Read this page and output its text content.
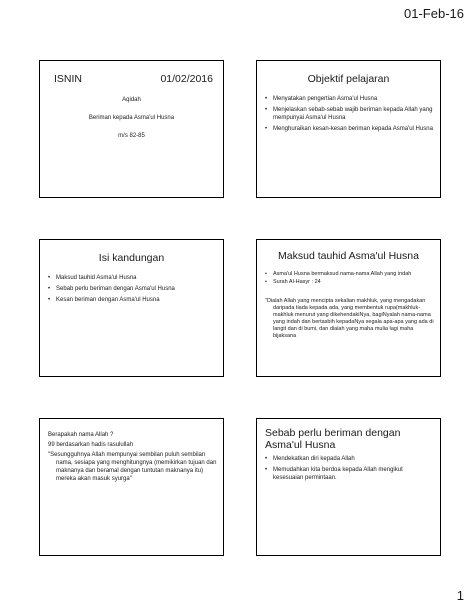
01-Feb-16
ISNIN	01/02/2016
Aqidah
Beriman kepada Asma'ul Husna
m/s 82-85
Objektif pelajaran
• Menyatakan pengertian Asma'ul Husna
• Menjelaskan sebab-sebab wajib beriman kepada Allah yang mempunyai Asma'ul Husna
• Menghuraikan kesan-kesan beriman kepada Asma'ul Husna
Isi kandungan
• Maksud tauhid Asma'ul Husna
• Sebab perlu beriman dengan Asma'ul Husna
• Kesan beriman dengan Asma'ul Husna
Maksud tauhid Asma'ul Husna
• Asma'ul Husna bermaksud nama-nama Allah yang indah
• Surah Al-Hasyr : 24
"Dialah Allah yang mencipta sekalian makhluk, yang mengadakan daripada tiada kepada ada, yang membentuk rupa(makhluk-makhluk menurut yang dikehendakiNya, bagiNyalah nama-nama yang indah dan bertasbih kepadaNya segala apa-apa yang ada di langit dan di bumi, dan dialah yang maha mulia lagi maha bijaksana
Berapakah nama Allah ?
99 berdasarkan hadis rasulullah
"Sesungguhnya Allah mempunyai sembilan puluh sembilan nama, sesiapa yang menghitungnya (memikirkan tujuan dan maknanya dan beramal dengan tuntutan maknanya itu) mereka akan masuk syurga"
Sebab perlu beriman dengan Asma'ul Husna
• Mendekatkan diri kepada Allah
• Memudahkan kita berdoa kepada Allah mengikut kesesuaian permintaan.
1
